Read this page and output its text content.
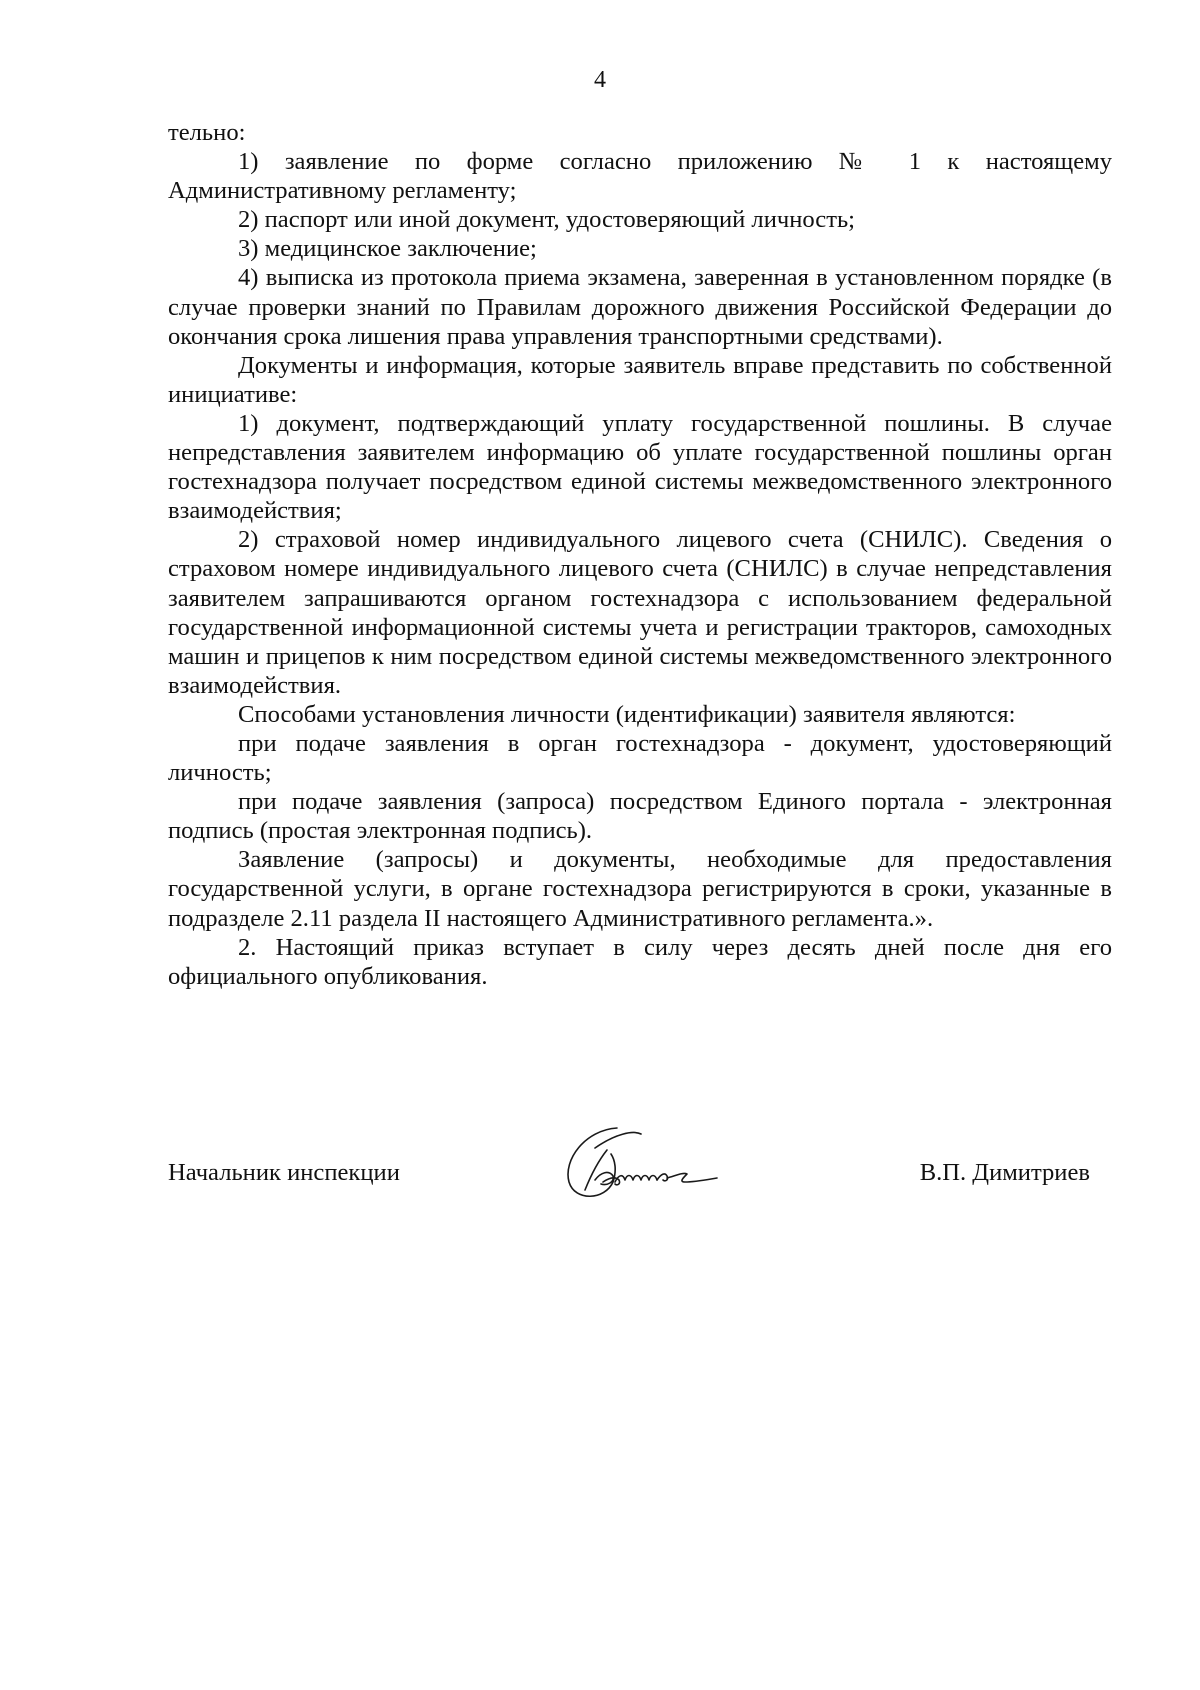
4

тельно:

1) заявление по форме согласно приложению № 1 к настоящему Административному регламенту;

2) паспорт или иной документ, удостоверяющий личность;

3) медицинское заключение;

4) выписка из протокола приема экзамена, заверенная в установленном порядке (в случае проверки знаний по Правилам дорожного движения Российской Федерации до окончания срока лишения права управления транспортными средствами).

Документы и информация, которые заявитель вправе представить по собственной инициативе:

1) документ, подтверждающий уплату государственной пошлины. В случае непредставления заявителем информацию об уплате государственной пошлины орган гостехнадзора получает посредством единой системы межведомственного электронного взаимодействия;

2) страховой номер индивидуального лицевого счета (СНИЛС). Сведения о страховом номере индивидуального лицевого счета (СНИЛС) в случае непредставления заявителем запрашиваются органом гостехнадзора с использованием федеральной государственной информационной системы учета и регистрации тракторов, самоходных машин и прицепов к ним посредством единой системы межведомственного электронного взаимодействия.

Способами установления личности (идентификации) заявителя являются:

при подаче заявления в орган гостехнадзора - документ, удостоверяющий личность;

при подаче заявления (запроса) посредством Единого портала - электронная подпись (простая электронная подпись).

Заявление (запросы) и документы, необходимые для предоставления государственной услуги, в органе гостехнадзора регистрируются в сроки, указанные в подразделе 2.11 раздела II настоящего Административного регламента.».

2. Настоящий приказ вступает в силу через десять дней после дня его официального опубликования.

Начальник инспекции	В.П. Димитриев
